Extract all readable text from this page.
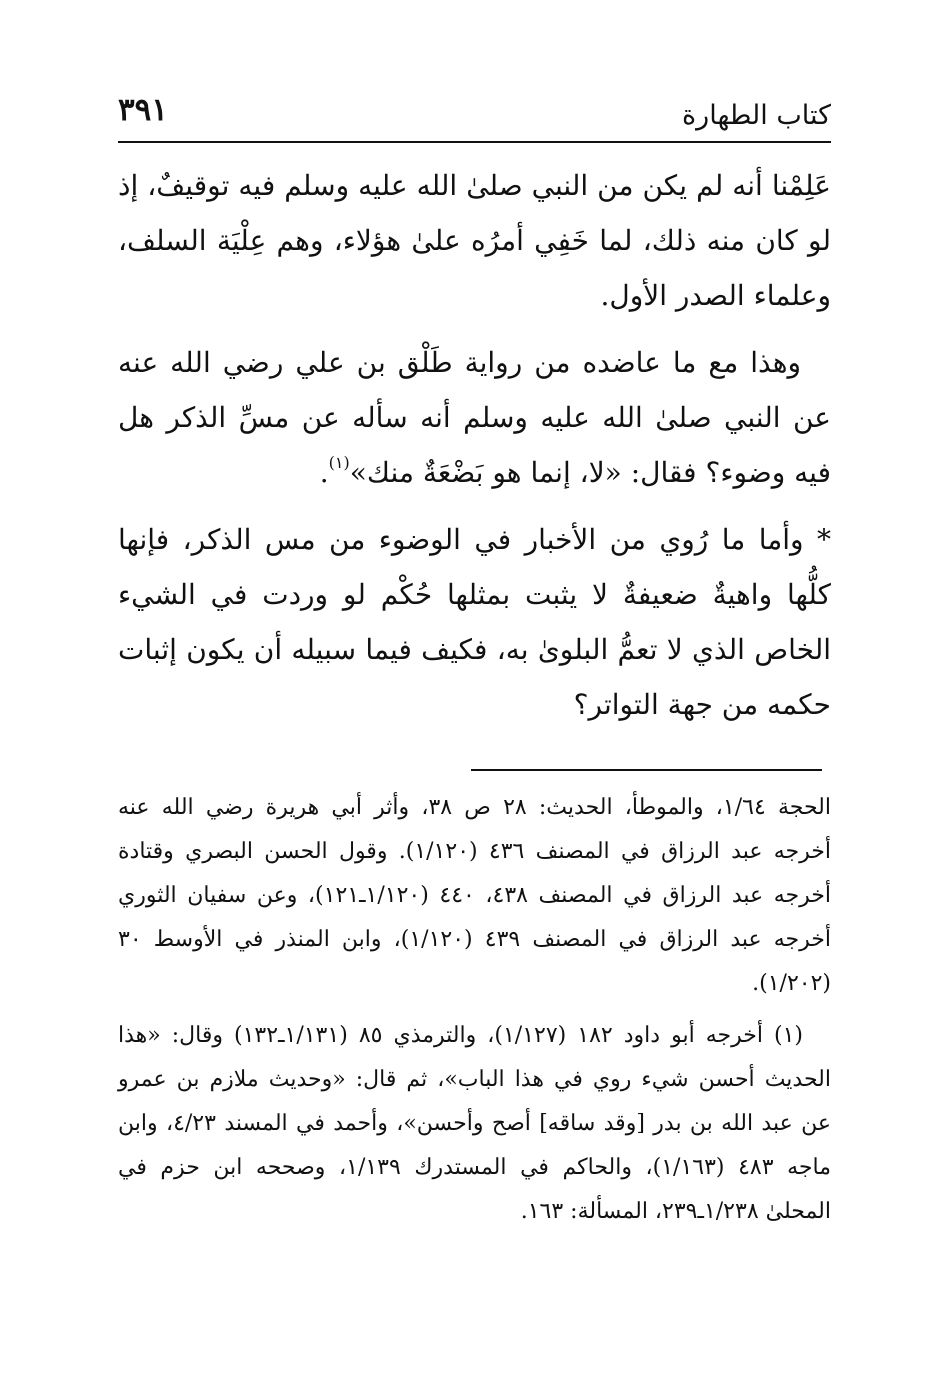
كتاب الطهارة
٣٩١

عَلِمْنا أنه لم يكن من النبي صلىٰ الله عليه وسلم فيه توقيفٌ، إذ لو كان منه ذلك، لما خَفِي أمرُه علىٰ هؤلاء، وهم عِلْيَة السلف، وعلماء الصدر الأول.

وهذا مع ما عاضده من رواية طَلْق بن علي رضي الله عنه عن النبي صلىٰ الله عليه وسلم أنه سأله عن مسِّ الذكر هل فيه وضوء؟ فقال: «لا، إنما هو بَضْعَةٌ منك»$^{(١)}$.

* وأما ما رُوي من الأخبار في الوضوء من مس الذكر، فإنها كلُّها واهيةٌ ضعيفةٌ لا يثبت بمثلها حُكْم لو وردت في الشيء الخاص الذي لا تعمُّ البلوىٰ به، فكيف فيما سبيله أن يكون إثبات حكمه من جهة التواتر؟

الحجة ١/٦٤، والموطأ، الحديث: ٢٨ ص ٣٨، وأثر أبي هريرة رضي الله عنه أخرجه عبد الرزاق في المصنف ٤٣٦ (١/١٢٠). وقول الحسن البصري وقتادة أخرجه عبد الرزاق في المصنف ٤٣٨، ٤٤٠ (١/١٢٠ـ١٢١)، وعن سفيان الثوري أخرجه عبد الرزاق في المصنف ٤٣٩ (١/١٢٠)، وابن المنذر في الأوسط ٣٠ (١/٢٠٢).

(١) أخرجه أبو داود ١٨٢ (١/١٢٧)، والترمذي ٨٥ (١/١٣١ـ١٣٢) وقال: «هذا الحديث أحسن شيء روي في هذا الباب»، ثم قال: «وحديث ملازم بن عمرو عن عبد الله بن بدر [وقد ساقه] أصح وأحسن»، وأحمد في المسند ٤/٢٣، وابن ماجه ٤٨٣ (١/١٦٣)، والحاكم في المستدرك ١/١٣٩، وصححه ابن حزم في المحلىٰ ١/٢٣٨ـ٢٣٩، المسألة: ١٦٣.
